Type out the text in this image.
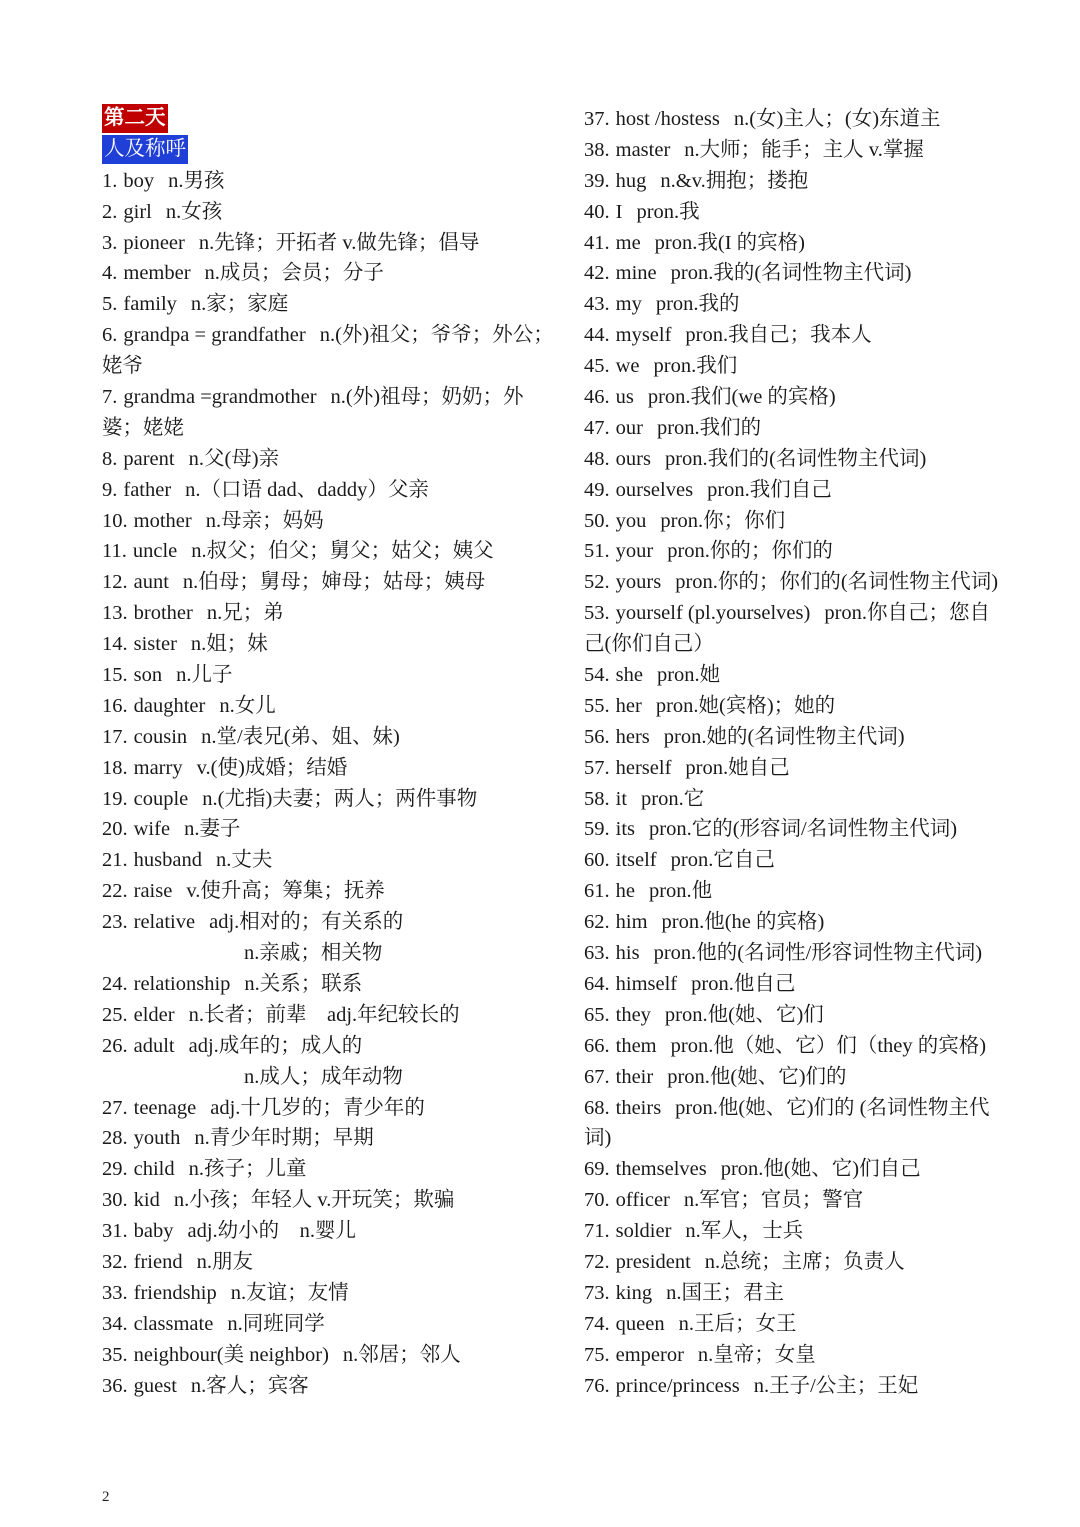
第二天
人及称呼
1. boy n.男孩
2. girl n.女孩
3. pioneer n.先锋；开拓者 v.做先锋；倡导
4. member n.成员；会员；分子
5. family n.家；家庭
6. grandpa = grandfather n.(外)祖父；爷爷；外公；
姥爷
7. grandma =grandmother n.(外)祖母；奶奶；外
婆；姥姥
8. parent n.父(母)亲
9. father n.（口语 dad、daddy）父亲
10. mother n.母亲；妈妈
11. uncle n.叔父；伯父；舅父；姑父；姨父
12. aunt n.伯母；舅母；婶母；姑母；姨母
13. brother n.兄；弟
14. sister n.姐；妹
15. son n.儿子
16. daughter n.女儿
17. cousin n.堂/表兄(弟、姐、妹)
18. marry v.(使)成婚；结婚
19. couple n.(尤指)夫妻；两人；两件事物
20. wife n.妻子
21. husband n.丈夫
22. raise v.使升高；筹集；抚养
23. relative adj.相对的；有关系的
n.亲戚；相关物
24. relationship n.关系；联系
25. elder n.长者；前辈　adj.年纪较长的
26. adult adj.成年的；成人的
n.成人；成年动物
27. teenage adj.十几岁的；青少年的
28. youth n.青少年时期；早期
29. child n.孩子；儿童
30. kid n.小孩；年轻人 v.开玩笑；欺骗
31. baby adj.幼小的　n.婴儿
32. friend n.朋友
33. friendship n.友谊；友情
34. classmate n.同班同学
35. neighbour(美 neighbor) n.邻居；邻人
36. guest n.客人；宾客
37. host /hostess n.(女)主人；(女)东道主
38. master n.大师；能手；主人 v.掌握
39. hug n.&v.拥抱；搂抱
40. I pron.我
41. me pron.我(I 的宾格)
42. mine pron.我的(名词性物主代词)
43. my pron.我的
44. myself pron.我自己；我本人
45. we pron.我们
46. us pron.我们(we 的宾格)
47. our pron.我们的
48. ours pron.我们的(名词性物主代词)
49. ourselves pron.我们自己
50. you pron.你；你们
51. your pron.你的；你们的
52. yours pron.你的；你们的(名词性物主代词)
53. yourself (pl.yourselves) pron.你自己；您自
己(你们自己）
54. she pron.她
55. her pron.她(宾格)；她的
56. hers pron.她的(名词性物主代词)
57. herself pron.她自己
58. it pron.它
59. its pron.它的(形容词/名词性物主代词)
60. itself pron.它自己
61. he pron.他
62. him pron.他(he 的宾格)
63. his pron.他的(名词性/形容词性物主代词)
64. himself pron.他自己
65. they pron.他(她、它)们
66. them pron.他（她、它）们（they 的宾格)
67. their pron.他(她、它)们的
68. theirs pron.他(她、它)们的 (名词性物主代
词)
69. themselves pron.他(她、它)们自己
70. officer n.军官；官员；警官
71. soldier n.军人，士兵
72. president n.总统；主席；负责人
73. king n.国王；君主
74. queen n.王后；女王
75. emperor n.皇帝；女皇
76. prince/princess n.王子/公主；王妃
2
